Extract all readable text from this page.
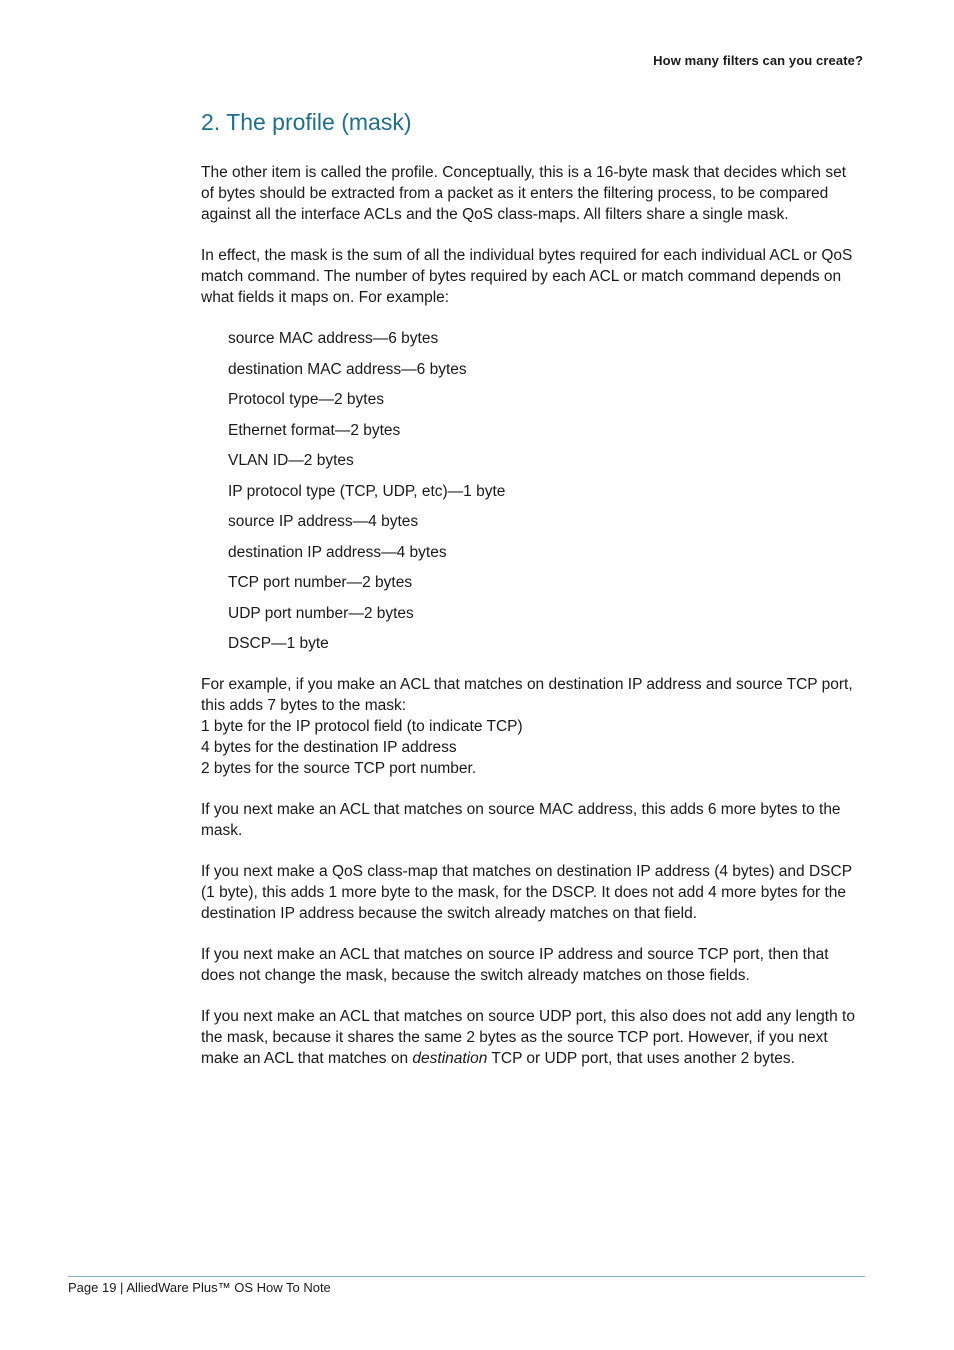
How many filters can you create?
2. The profile (mask)

The other item is called the profile. Conceptually, this is a 16-byte mask that decides which set of bytes should be extracted from a packet as it enters the filtering process, to be compared against all the interface ACLs and the QoS class-maps. All filters share a single mask.

In effect, the mask is the sum of all the individual bytes required for each individual ACL or QoS match command. The number of bytes required by each ACL or match command depends on what fields it maps on. For example:

source MAC address—6 bytes
destination MAC address—6 bytes
Protocol type—2 bytes
Ethernet format—2 bytes
VLAN ID—2 bytes
IP protocol type (TCP, UDP, etc)—1 byte
source IP address—4 bytes
destination IP address—4 bytes
TCP port number—2 bytes
UDP port number—2 bytes
DSCP—1 byte

For example, if you make an ACL that matches on destination IP address and source TCP port, this adds 7 bytes to the mask:
1 byte for the IP protocol field (to indicate TCP)
4 bytes for the destination IP address
2 bytes for the source TCP port number.

If you next make an ACL that matches on source MAC address, this adds 6 more bytes to the mask.

If you next make a QoS class-map that matches on destination IP address (4 bytes) and DSCP (1 byte), this adds 1 more byte to the mask, for the DSCP. It does not add 4 more bytes for the destination IP address because the switch already matches on that field.

If you next make an ACL that matches on source IP address and source TCP port, then that does not change the mask, because the switch already matches on those fields.

If you next make an ACL that matches on source UDP port, this also does not add any length to the mask, because it shares the same 2 bytes as the source TCP port. However, if you next make an ACL that matches on destination TCP or UDP port, that uses another 2 bytes.

Page 19 | AlliedWare Plus™ OS How To Note
